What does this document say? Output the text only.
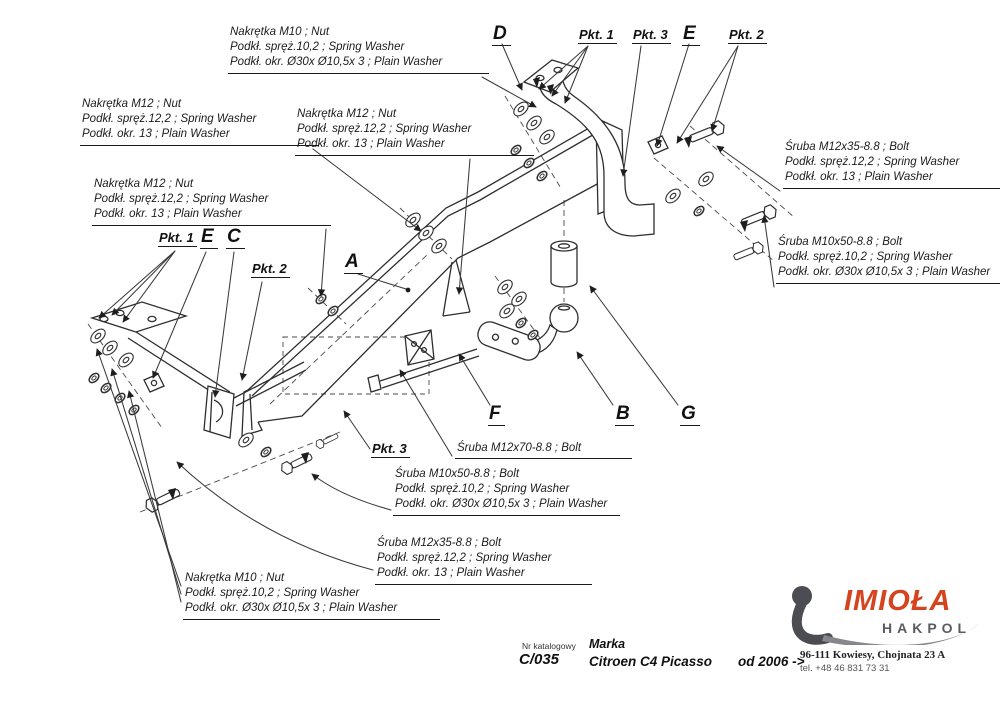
Nakrętka M10 ; Nut
Podkł. spręż.10,2 ; Spring Washer
Podkł. okr. Ø30x Ø10,5x 3 ; Plain Washer
Nakrętka M12 ; Nut
Podkł. spręż.12,2 ; Spring Washer
Podkł. okr. 13 ; Plain Washer
Nakrętka M12 ; Nut
Podkł. spręż.12,2 ; Spring Washer
Podkł. okr. 13 ; Plain Washer
Nakrętka M12 ; Nut
Podkł. spręż.12,2 ; Spring Washer
Podkł. okr. 13 ; Plain Washer	Śruba M12x35-8.8 ; Bolt
Podkł. spręż.12,2 ; Spring Washer
Podkł. okr. 13 ; Plain Washer
Śruba M10x50-8.8 ; Bolt
Podkł. spręż.10,2 ; Spring Washer
Podkł. okr. Ø30x Ø10,5x 3 ; Plain Washer
Śruba M12x70-8.8 ; Bolt
Śruba M10x50-8.8 ; Bolt
Podkł. spręż.10,2 ; Spring Washer
Podkł. okr. Ø30x Ø10,5x 3 ; Plain Washer
Śruba M12x35-8.8 ; Bolt
Podkł. spręż.12,2 ; Spring Washer
Podkł. okr. 13 ; Plain Washer
Nakrętka M10 ; Nut
Podkł. spręż.10,2 ; Spring Washer
Podkł. okr. Ø30x Ø10,5x 3 ; Plain Washer
D	E
E C
A
F	B	G
Pkt. 1 Pkt. 3	Pkt. 2
Pkt. 1
Pkt. 2
Pkt. 3
Nr katalogowy
C/035
Marka
Citroen C4 Picasso od 2006 ->
IMIOŁA
HAKPOL
96-111 Kowiesy, Chojnata 23 A
tel. +48 46 831 73 31
